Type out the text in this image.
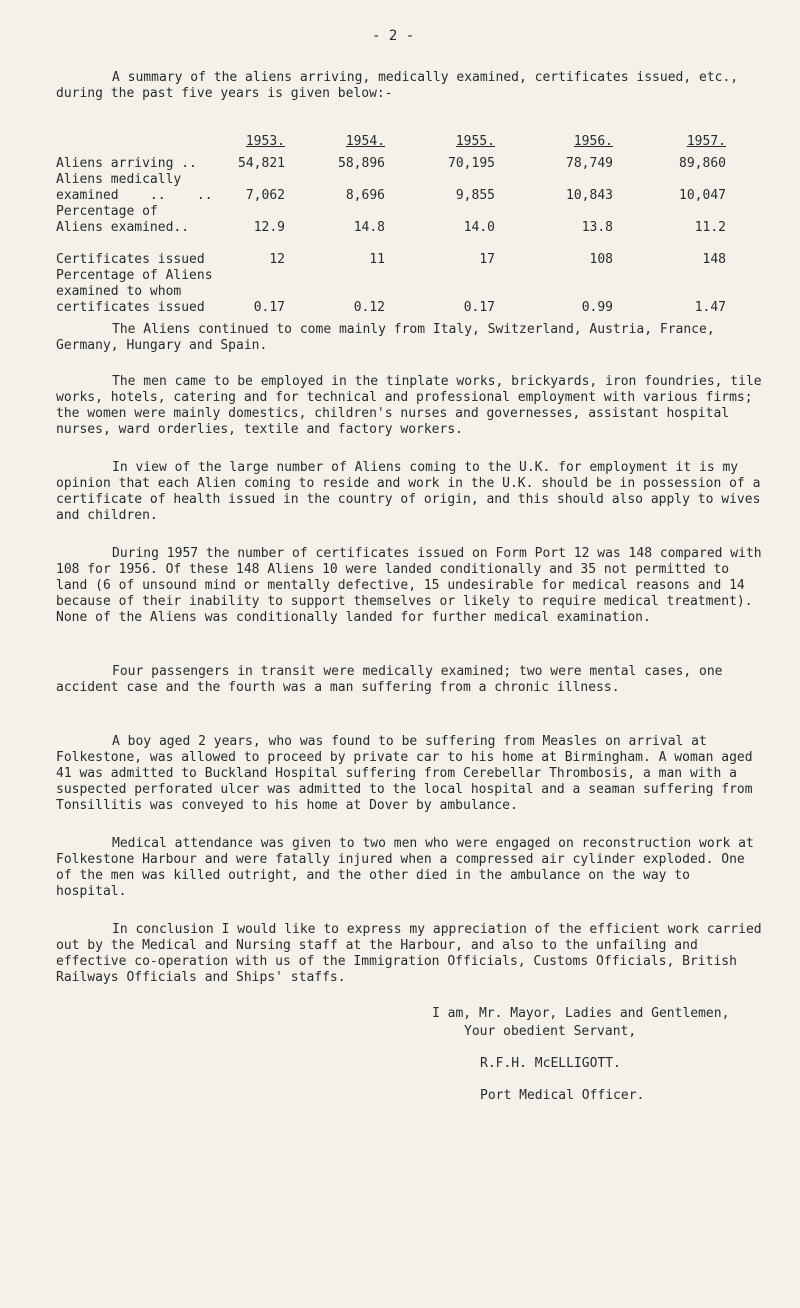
- 2 -
A summary of the aliens arriving, medically examined, certificates issued, etc., during the past five years is given below:-
1953.	1954.	1955.	1956.	1957.
Aliens arriving ..	54,821	58,896	70,195	78,749	89,860
Aliens medically
examined    ..    ..	7,062	8,696	9,855	10,843	10,047
Percentage of
Aliens examined..	12.9	14.8	14.0	13.8	11.2
Certificates issued	12	11	17	108	148
Percentage of Aliens
examined to whom
certificates issued	0.17	0.12	0.17	0.99	1.47
The Aliens continued to come mainly from Italy, Switzerland, Austria, France, Germany, Hungary and Spain.
The men came to be employed in the tinplate works, brickyards, iron foundries, tile works, hotels, catering and for technical and professional employment with various firms; the women were mainly domestics, children's nurses and governesses, assistant hospital nurses, ward orderlies, textile and factory workers.
In view of the large number of Aliens coming to the U.K. for employment it is my opinion that each Alien coming to reside and work in the U.K. should be in possession of a certificate of health issued in the country of origin, and this should also apply to wives and children.
During 1957 the number of certificates issued on Form Port 12 was 148 compared with 108 for 1956. Of these 148 Aliens 10 were landed conditionally and 35 not permitted to land (6 of unsound mind or mentally defective, 15 undesirable for medical reasons and 14 because of their inability to support themselves or likely to require medical treatment). None of the Aliens was conditionally landed for further medical examination.
Four passengers in transit were medically examined; two were mental cases, one accident case and the fourth was a man suffering from a chronic illness.
A boy aged 2 years, who was found to be suffering from Measles on arrival at Folkestone, was allowed to proceed by private car to his home at Birmingham. A woman aged 41 was admitted to Buckland Hospital suffering from Cerebellar Thrombosis, a man with a suspected perforated ulcer was admitted to the local hospital and a seaman suffering from Tonsillitis was conveyed to his home at Dover by ambulance.
Medical attendance was given to two men who were engaged on reconstruction work at Folkestone Harbour and were fatally injured when a compressed air cylinder exploded. One of the men was killed outright, and the other died in the ambulance on the way to hospital.
In conclusion I would like to express my appreciation of the efficient work carried out by the Medical and Nursing staff at the Harbour, and also to the unfailing and effective co-operation with us of the Immigration Officials, Customs Officials, British Railways Officials and Ships' staffs.
I am, Mr. Mayor, Ladies and Gentlemen,
Your obedient Servant,
R.F.H. McELLIGOTT.
Port Medical Officer.
